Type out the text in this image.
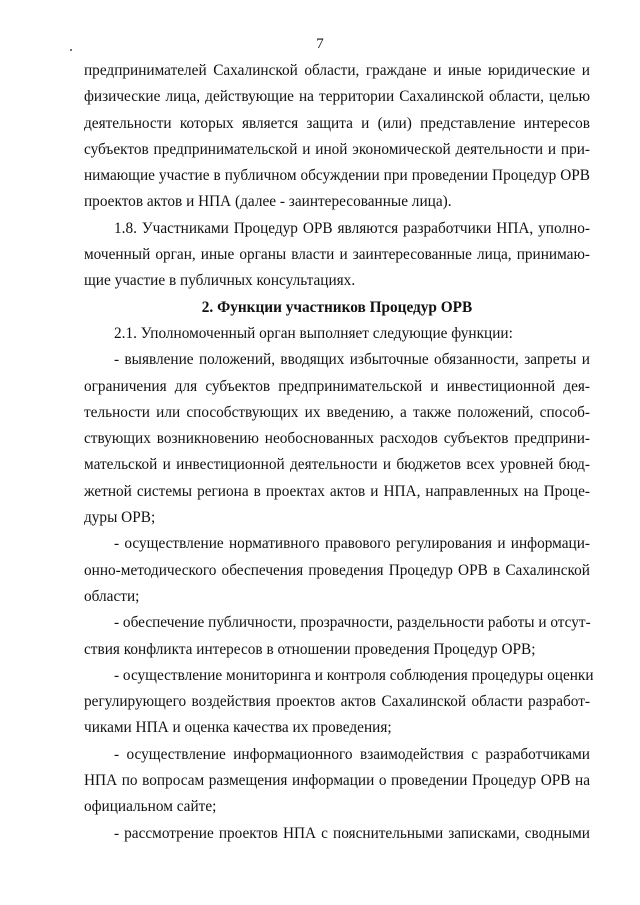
7
предпринимателей Сахалинской области, граждане и иные юридические и
физические лица, действующие на территории Сахалинской области, целью
деятельности которых является защита и (или) представление интересов
субъектов предпринимательской и иной экономической деятельности и при-
нимающие участие в публичном обсуждении при проведении Процедур ОРВ
проектов актов и НПА (далее - заинтересованные лица).
1.8. Участниками Процедур ОРВ являются разработчики НПА, уполно-
моченный орган, иные органы власти и заинтересованные лица, принимаю-
щие участие в публичных консультациях.
2. Функции участников Процедур ОРВ
2.1. Уполномоченный орган выполняет следующие функции:
- выявление положений, вводящих избыточные обязанности, запреты и
ограничения для субъектов предпринимательской и инвестиционной дея-
тельности или способствующих их введению, а также положений, способ-
ствующих возникновению необоснованных расходов субъектов предприни-
мательской и инвестиционной деятельности и бюджетов всех уровней бюд-
жетной системы региона в проектах актов и НПА, направленных на Проце-
дуры ОРВ;
- осуществление нормативного правового регулирования и информаци-
онно-методического обеспечения проведения Процедур ОРВ в Сахалинской
области;
- обеспечение публичности, прозрачности, раздельности работы и отсут-
ствия конфликта интересов в отношении проведения Процедур ОРВ;
- осуществление мониторинга и контроля соблюдения процедуры оценки
регулирующего воздействия проектов актов Сахалинской области разработ-
чиками НПА и оценка качества их проведения;
- осуществление информационного взаимодействия с разработчиками
НПА по вопросам размещения информации о проведении Процедур ОРВ на
официальном сайте;
- рассмотрение проектов НПА с пояснительными записками, сводными
